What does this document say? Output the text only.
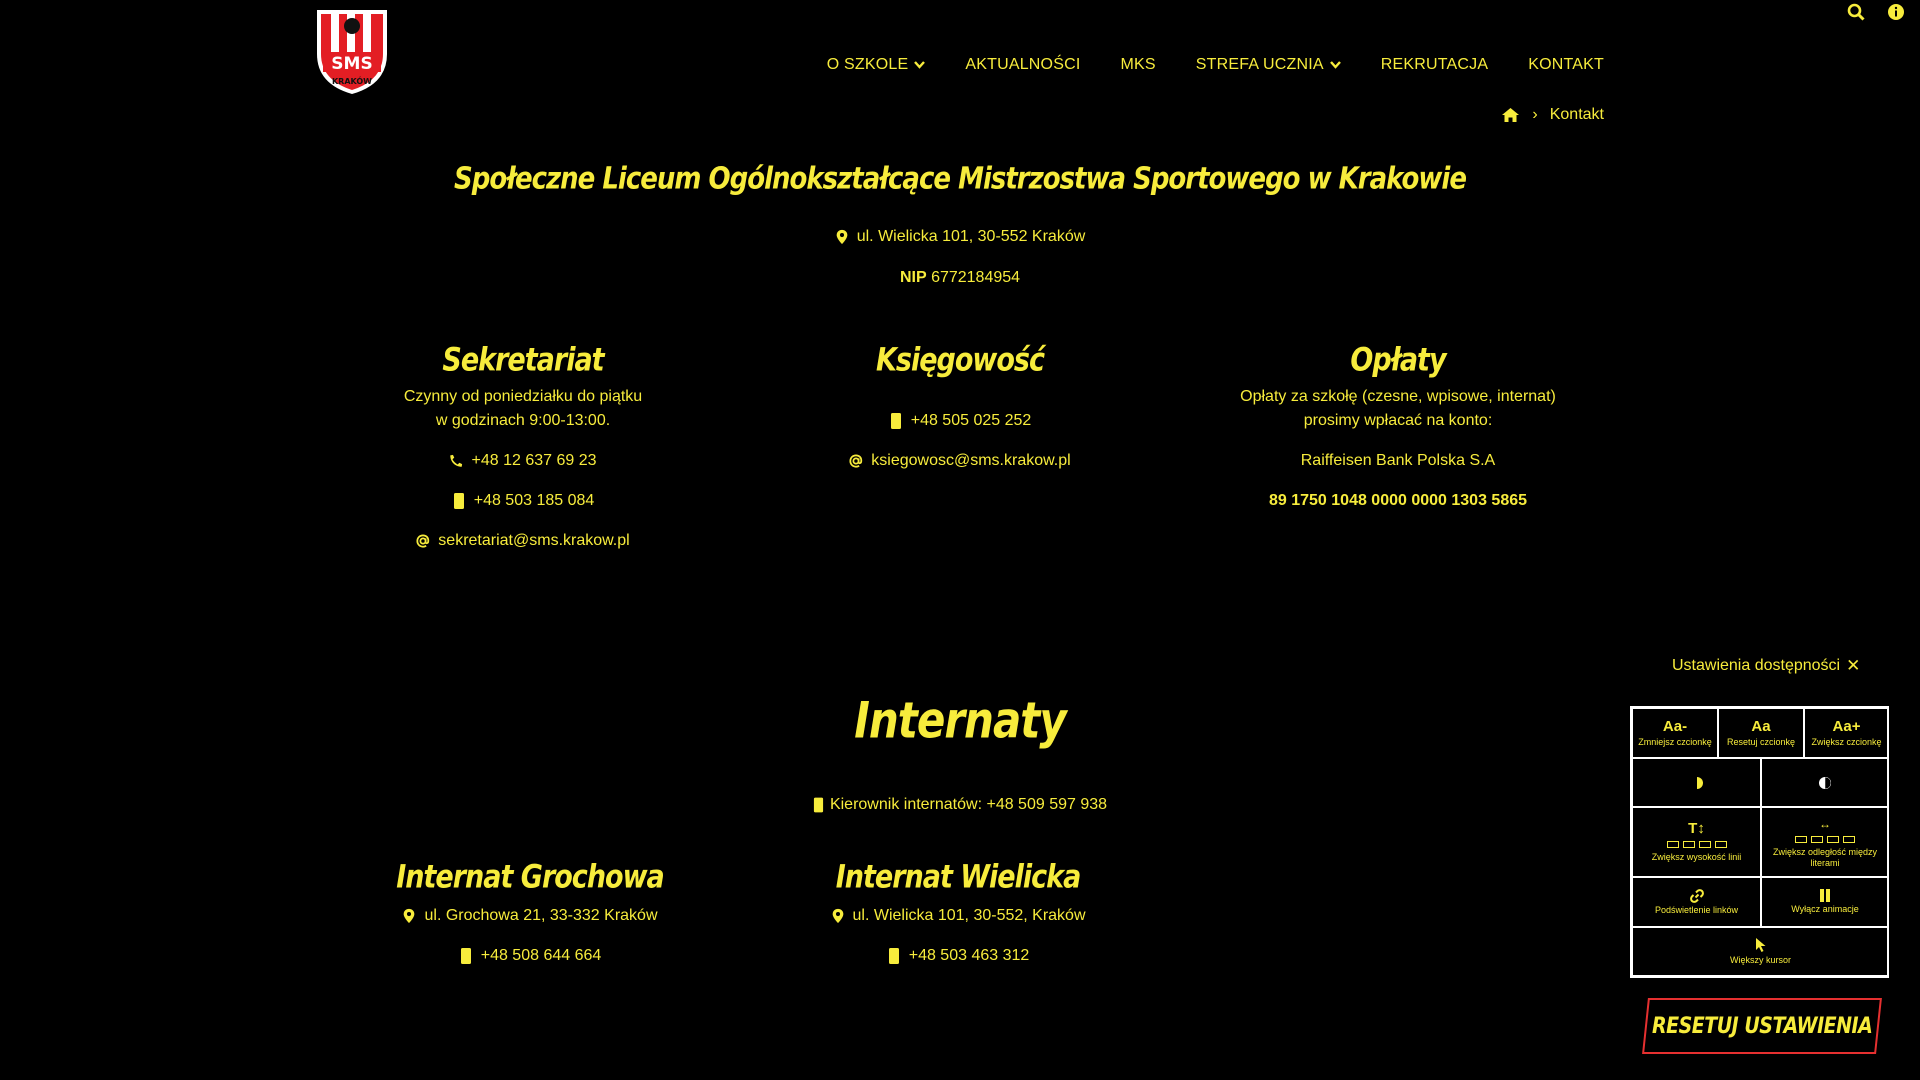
SMS
KRAKÓW
O SZKOLE	AKTUALNOŚCI	MKS	STREFA UCZNIA	REKRUTACJA	KONTAKT
› Kontakt
Społeczne Liceum Ogólnokształcące Mistrzostwa Sportowego w Krakowie
ul. Wielicka 101, 30-552 Kraków
NIP 6772184954
Sekretariat
Czynny od poniedziałku do piątku
w godzinach 9:00-13:00.
+48 12 637 69 23
+48 503 185 084
sekretariat@sms.krakow.pl
Księgowość
+48 505 025 252
ksiegowosc@sms.krakow.pl
Opłaty
Opłaty za szkołę (czesne, wpisowe, internat)
prosimy wpłacać na konto:
Raiffeisen Bank Polska S.A
89 1750 1048 0000 0000 1303 5865
Internaty
Kierownik internatów: +48 509 597 938
Internat Grochowa
ul. Grochowa 21, 33-332 Kraków
+48 508 644 664
Internat Wielicka
ul. Wielicka 101, 30-552, Kraków
+48 503 463 312
Ustawienia dostępności ✕
Aa-
Zmniejsz czcionkę
Aa
Resetuj czcionkę
Aa+
Zwiększ czcionkę
T↕
Zwiększ wysokość linii
↔
Zwiększ odległość między literami
Podświetlenie linków	Wyłącz animacje
Większy kursor
RESETUJ USTAWIENIA
